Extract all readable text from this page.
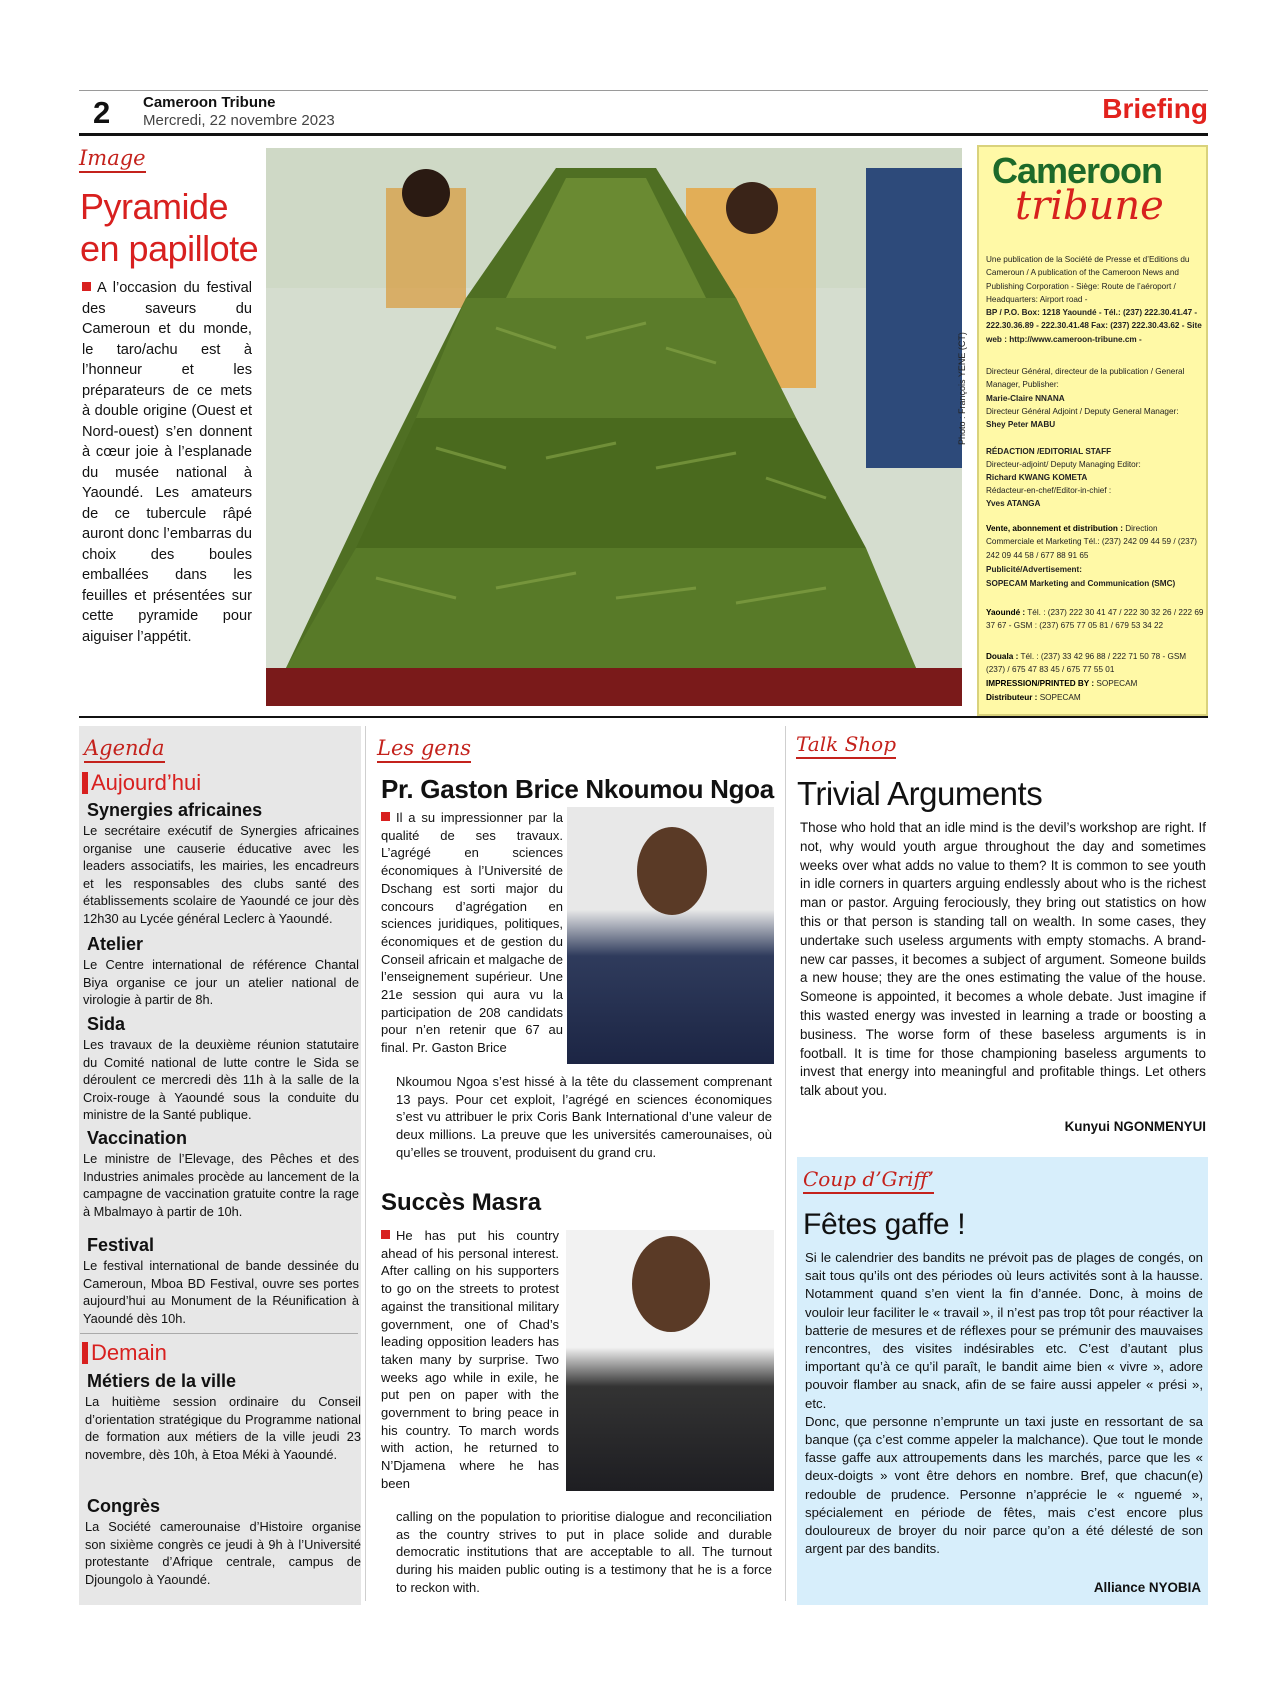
2 Cameroon Tribune
Mercredi, 22 novembre 2023	Briefing
Image
Pyramide en papillote
A l’occasion du festival des saveurs du Cameroun et du monde, le taro/achu est à l’honneur et les préparateurs de ce mets à double origine (Ouest et Nord-ouest) s’en donnent à cœur joie à l’esplanade du musée national à Yaoundé. Les amateurs de ce tubercule râpé auront donc l’embarras du choix des boules emballées dans les feuilles et présentées sur cette pyramide pour aiguiser l’appétit.
Photo : François YENE (CT)
Cameroon
tribune
Une publication de la Société de Presse et d’Editions du Cameroun / A publication of the Cameroon News and Publishing Corporation - Siège: Route de l’aéroport / Headquarters: Airport road -
BP / P.O. Box: 1218 Yaoundé - Tél.: (237) 222.30.41.47 - 222.30.36.89 - 222.30.41.48 Fax: (237) 222.30.43.62 - Site web : http://www.cameroon-tribune.cm -
Directeur Général, directeur de la publication / General Manager, Publisher:
Marie-Claire NNANA
Directeur Général Adjoint / Deputy General Manager:
Shey Peter MABU
RÉDACTION /EDITORIAL STAFF
Directeur-adjoint/ Deputy Managing Editor:
Richard KWANG KOMETA
Rédacteur-en-chef/Editor-in-chief :
Yves ATANGA
Vente, abonnement et distribution : Direction Commerciale et Marketing Tél.: (237) 242 09 44 59 / (237) 242 09 44 58 / 677 88 91 65
Publicité/Advertisement:
SOPECAM Marketing and Communication (SMC)
Yaoundé : Tél. : (237) 222 30 41 47 / 222 30 32 26 / 222 69 37 67 - GSM : (237) 675 77 05 81 / 679 53 34 22
Douala : Tél. : (237) 33 42 96 88 / 222 71 50 78 - GSM (237) / 675 47 83 45 / 675 77 55 01
IMPRESSION/PRINTED BY : SOPECAM
Distributeur : SOPECAM
Agenda
Aujourd’hui
Synergies africaines
Le secrétaire exécutif de Synergies africaines organise une causerie éducative avec les leaders associatifs, les mairies, les encadreurs et les responsables des clubs santé des établissements scolaire de Yaoundé ce jour dès 12h30 au Lycée général Leclerc à Yaoundé.
Atelier
Le Centre international de référence Chantal Biya organise ce jour un atelier national de virologie à partir de 8h.
Sida
Les travaux de la deuxième réunion statutaire du Comité national de lutte contre le Sida se déroulent ce mercredi dès 11h à la salle de la Croix-rouge à Yaoundé sous la conduite du ministre de la Santé publique.
Vaccination
Le ministre de l’Elevage, des Pêches et des Industries animales procède au lancement de la campagne de vaccination gratuite contre la rage à Mbalmayo à partir de 10h.
Festival
Le festival international de bande dessinée du Cameroun, Mboa BD Festival, ouvre ses portes aujourd’hui au Monument de la Réunification à Yaoundé dès 10h.
Demain
Métiers de la ville
La huitième session ordinaire du Conseil d’orientation stratégique du Programme national de formation aux métiers de la ville jeudi 23 novembre, dès 10h, à Etoa Méki à Yaoundé.
Congrès
La Société camerounaise d’Histoire organise son sixième congrès ce jeudi à 9h à l’Université protestante d’Afrique centrale, campus de Djoungolo à Yaoundé.
Les gens
Pr. Gaston Brice Nkoumou Ngoa
Il a su impressionner par la qualité de ses travaux. L’agrégé en sciences économiques à l’Université de Dschang est sorti major du concours d’agrégation en sciences juridiques, politiques, économiques et de gestion du Conseil africain et malgache de l’enseignement supérieur. Une 21e session qui aura vu la participation de 208 candidats pour n’en retenir que 67 au final. Pr. Gaston Brice
Nkoumou Ngoa s’est hissé à la tête du classement comprenant 13 pays. Pour cet exploit, l’agrégé en sciences économiques s’est vu attribuer le prix Coris Bank International d’une valeur de deux millions. La preuve que les universités camerounaises, où qu’elles se trouvent, produisent du grand cru.
Succès Masra
He has put his country ahead of his personal interest. After calling on his supporters to go on the streets to protest against the transitional military government, one of Chad’s leading opposition leaders has taken many by surprise. Two weeks ago while in exile, he put pen on paper with the government to bring peace in his country. To march words with action, he returned to N’Djamena where he has been
calling on the population to prioritise dialogue and reconciliation as the country strives to put in place solide and durable democratic institutions that are acceptable to all. The turnout during his maiden public outing is a testimony that he is a force to reckon with.
Talk Shop
Trivial Arguments
Those who hold that an idle mind is the devil’s workshop are right. If not, why would youth argue throughout the day and sometimes weeks over what adds no value to them? It is common to see youth in idle corners in quarters arguing endlessly about who is the richest man or pastor. Arguing ferociously, they bring out statistics on how this or that person is standing tall on wealth. In some cases, they undertake such useless arguments with empty stomachs. A brand-new car passes, it becomes a subject of argument. Someone builds a new house; they are the ones estimating the value of the house. Someone is appointed, it becomes a whole debate. Just imagine if this wasted energy was invested in learning a trade or boosting a business. The worse form of these baseless arguments is in football. It is time for those championing baseless arguments to invest that energy into meaningful and profitable things. Let others talk about you.
Kunyui NGONMENYUI
Coup d’Griff’
Fêtes gaffe !

Si le calendrier des bandits ne prévoit pas de plages de congés, on sait tous qu’ils ont des périodes où leurs activités sont à la hausse. Notamment quand s’en vient la fin d’année. Donc, à moins de vouloir leur faciliter le « travail », il n’est pas trop tôt pour réactiver la batterie de mesures et de réflexes pour se prémunir des mauvaises rencontres, des visites indésirables etc. C’est d’autant plus important qu’à ce qu’il paraît, le bandit aime bien « vivre », adore pouvoir flamber au snack, afin de se faire aussi appeler « prési », etc.

Donc, que personne n’emprunte un taxi juste en ressortant de sa banque (ça c’est comme appeler la malchance). Que tout le monde fasse gaffe aux attroupements dans les marchés, parce que les « deux-doigts » vont être dehors en nombre. Bref, que chacun(e) redouble de prudence. Personne n’apprécie le « nguemé », spécialement en période de fêtes, mais c’est encore plus douloureux de broyer du noir parce qu’on a été délesté de son argent par des bandits.

Alliance NYOBIA
